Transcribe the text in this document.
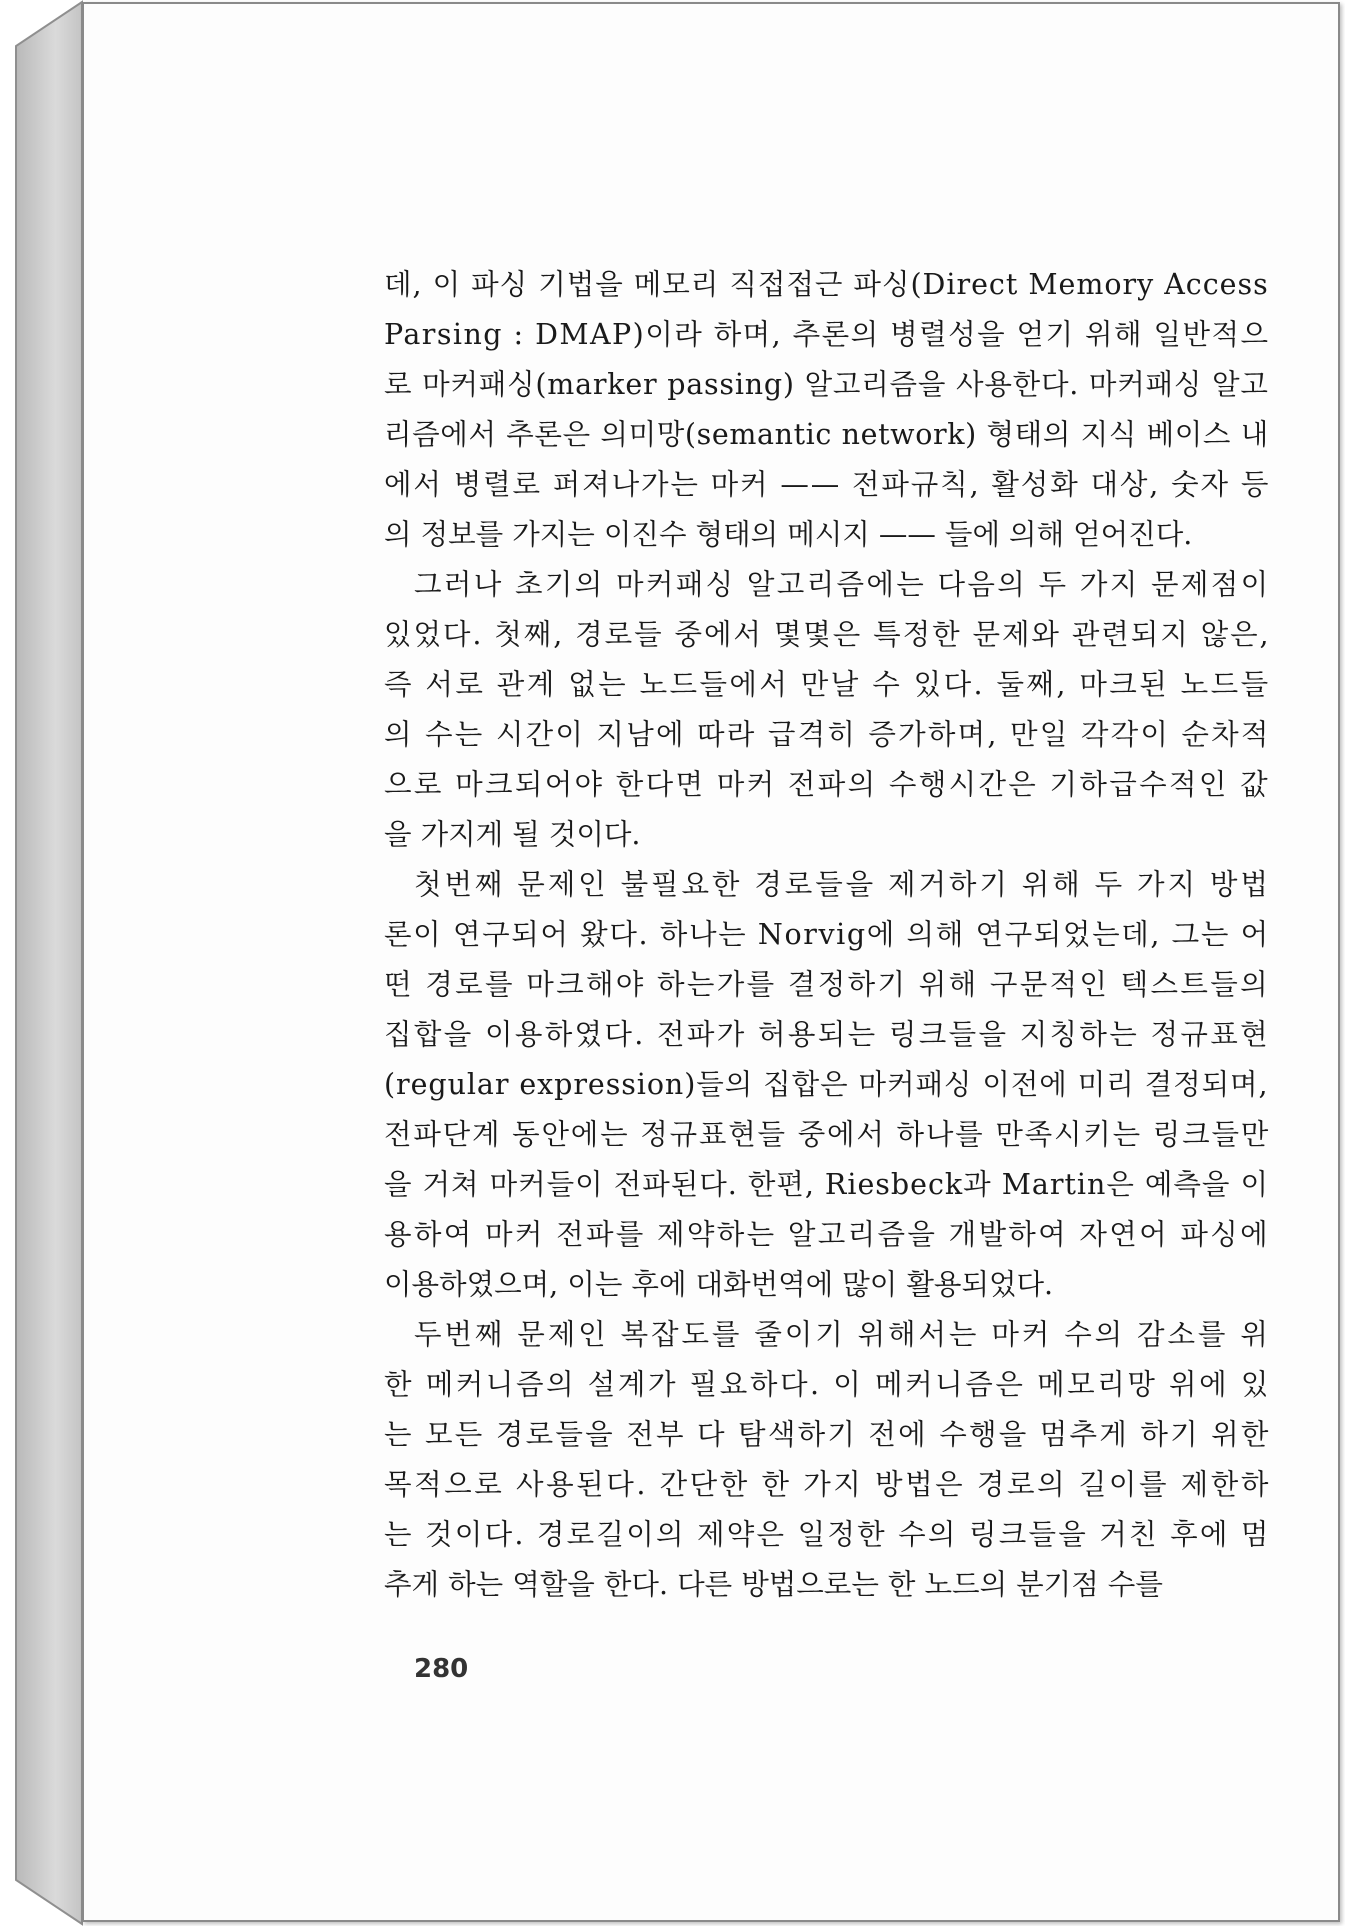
데, 이 파싱 기법을 메모리 직접접근 파싱(Direct Memory Access
Parsing : DMAP)이라 하며, 추론의 병렬성을 얻기 위해 일반적으
로 마커패싱(marker passing) 알고리즘을 사용한다. 마커패싱 알고
리즘에서 추론은 의미망(semantic network) 형태의 지식 베이스 내
에서 병렬로 퍼져나가는 마커 —— 전파규칙, 활성화 대상, 숫자 등
의 정보를 가지는 이진수 형태의 메시지 —— 들에 의해 얻어진다.
그러나 초기의 마커패싱 알고리즘에는 다음의 두 가지 문제점이
있었다. 첫째, 경로들 중에서 몇몇은 특정한 문제와 관련되지 않은,
즉 서로 관계 없는 노드들에서 만날 수 있다. 둘째, 마크된 노드들
의 수는 시간이 지남에 따라 급격히 증가하며, 만일 각각이 순차적
으로 마크되어야 한다면 마커 전파의 수행시간은 기하급수적인 값
을 가지게 될 것이다.
첫번째 문제인 불필요한 경로들을 제거하기 위해 두 가지 방법
론이 연구되어 왔다. 하나는 Norvig에 의해 연구되었는데, 그는 어
떤 경로를 마크해야 하는가를 결정하기 위해 구문적인 텍스트들의
집합을 이용하였다. 전파가 허용되는 링크들을 지칭하는 정규표현
(regular expression)들의 집합은 마커패싱 이전에 미리 결정되며,
전파단계 동안에는 정규표현들 중에서 하나를 만족시키는 링크들만
을 거쳐 마커들이 전파된다. 한편, Riesbeck과 Martin은 예측을 이
용하여 마커 전파를 제약하는 알고리즘을 개발하여 자연어 파싱에
이용하였으며, 이는 후에 대화번역에 많이 활용되었다.
두번째 문제인 복잡도를 줄이기 위해서는 마커 수의 감소를 위
한 메커니즘의 설계가 필요하다. 이 메커니즘은 메모리망 위에 있
는 모든 경로들을 전부 다 탐색하기 전에 수행을 멈추게 하기 위한
목적으로 사용된다. 간단한 한 가지 방법은 경로의 길이를 제한하
는 것이다. 경로길이의 제약은 일정한 수의 링크들을 거친 후에 멈
추게 하는 역할을 한다. 다른 방법으로는 한 노드의 분기점 수를
280
